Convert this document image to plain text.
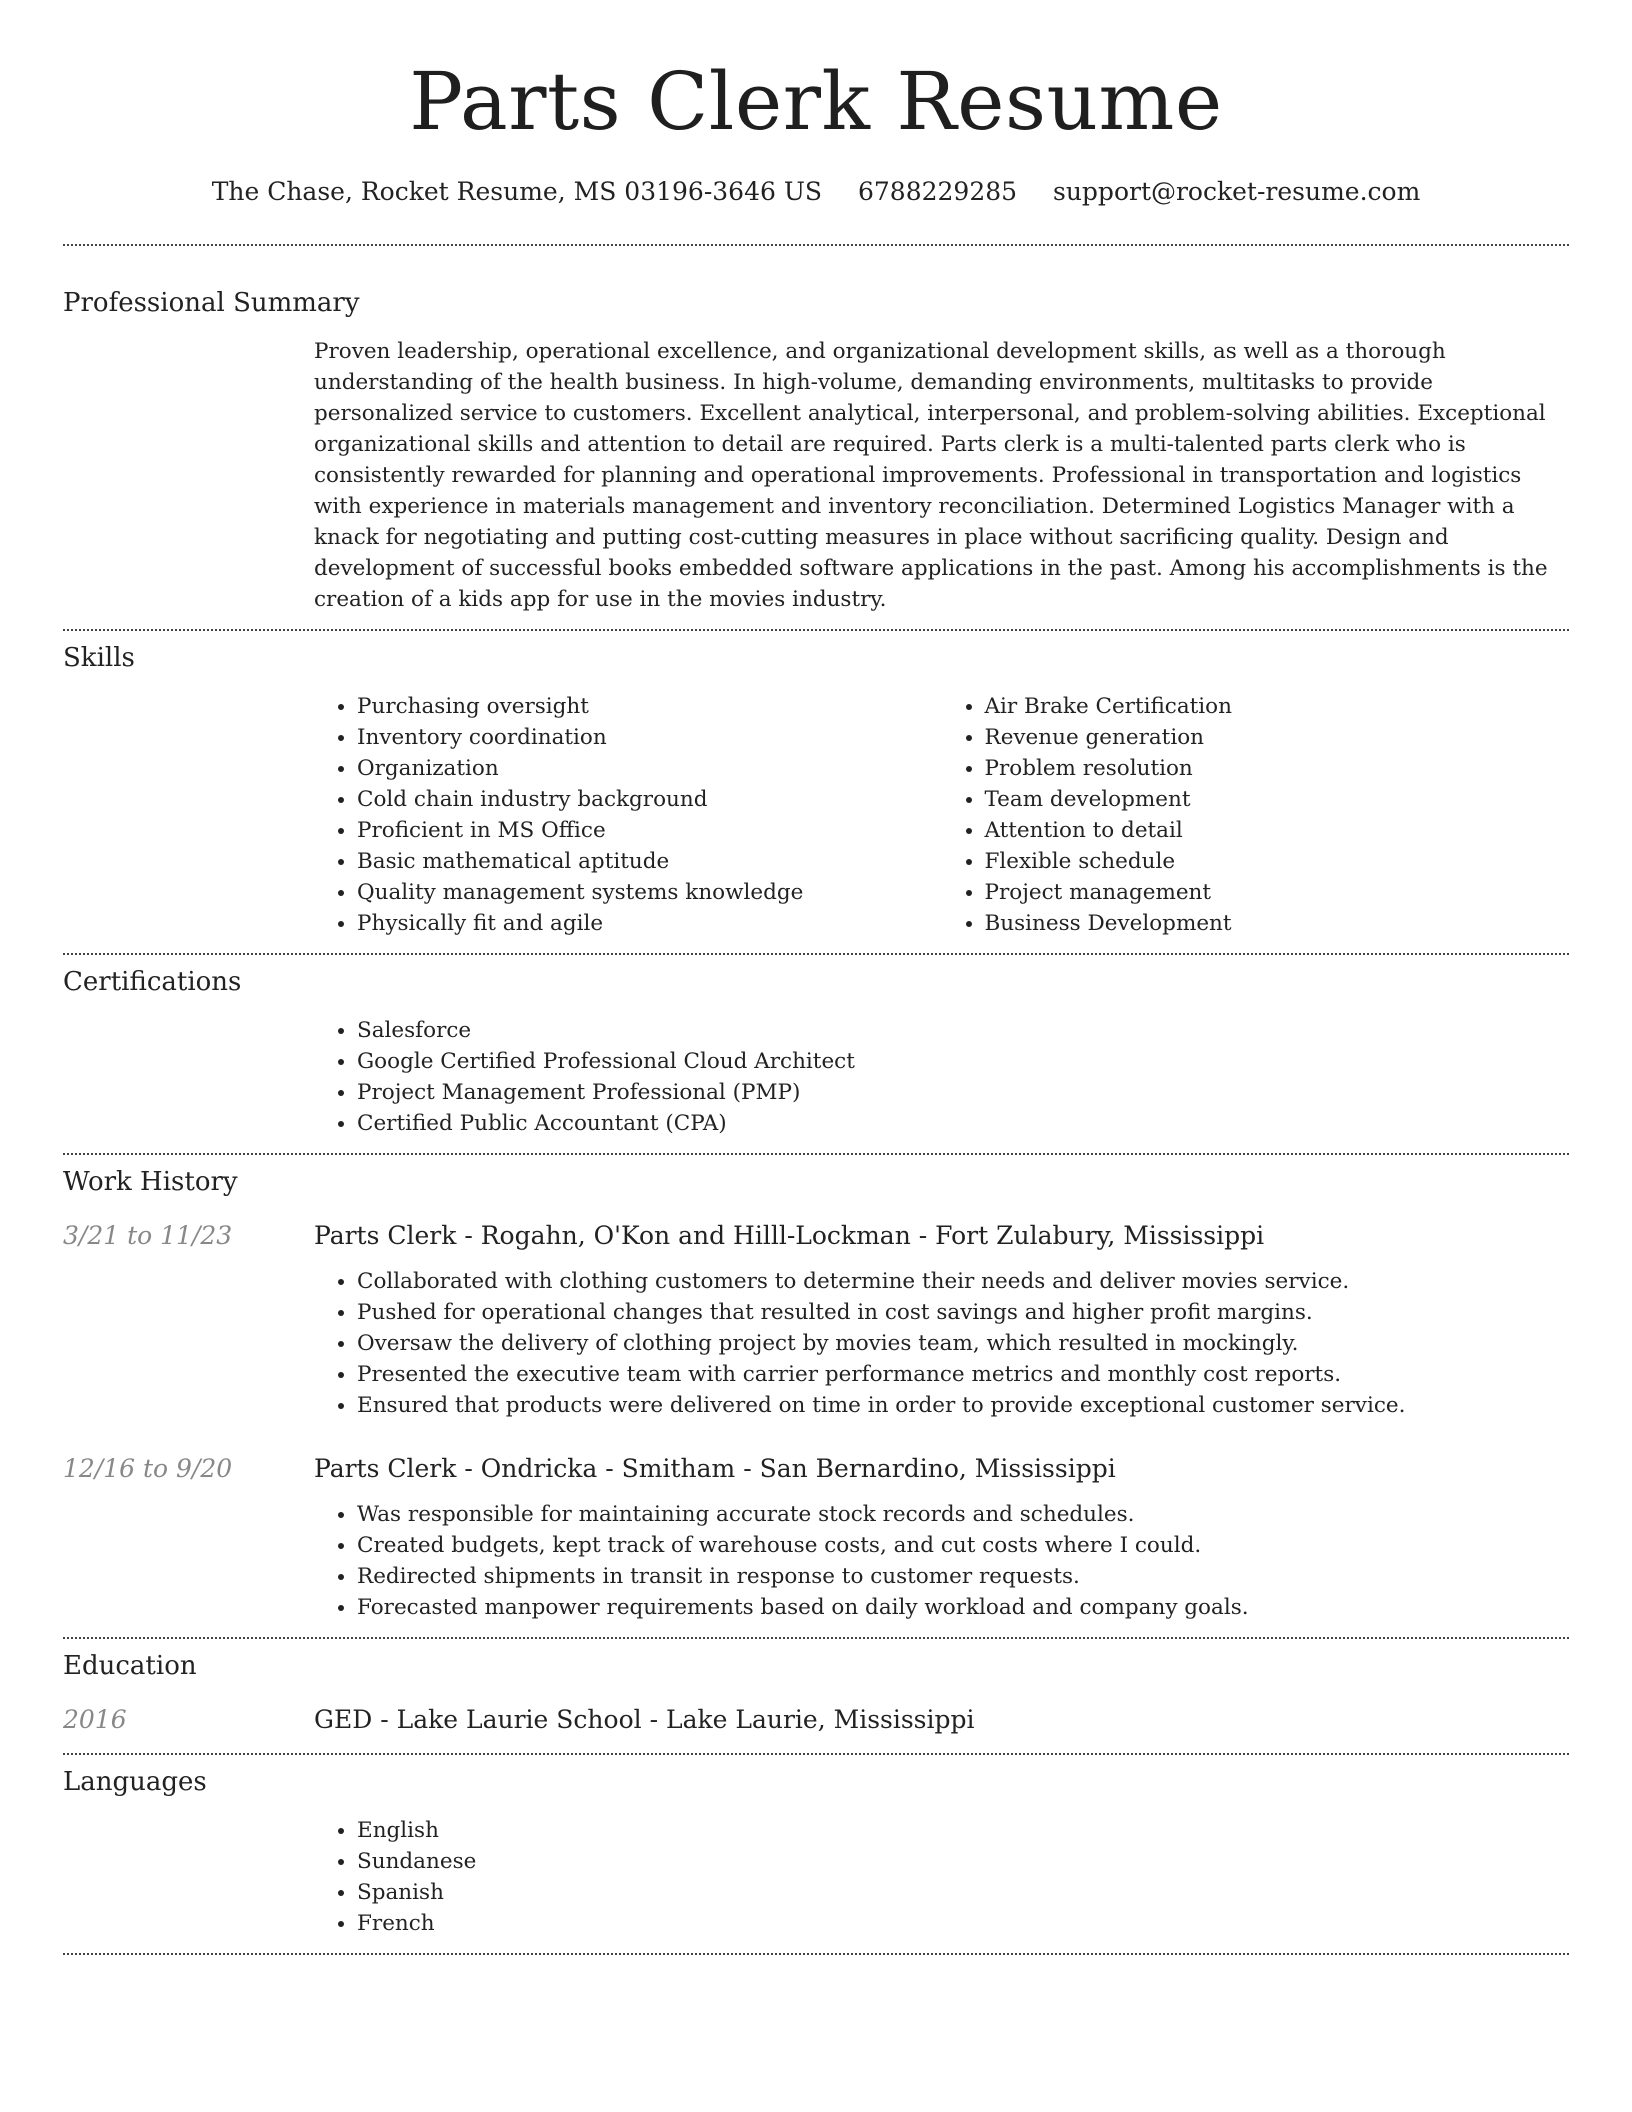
Parts Clerk Resume
The Chase, Rocket Resume, MS 03196-3646 US 6788229285 support@rocket-resume.com
Professional Summary
Proven leadership, operational excellence, and organizational development skills, as well as a thorough understanding of the health business. In high-volume, demanding environments, multitasks to provide personalized service to customers. Excellent analytical, interpersonal, and problem-solving abilities. Exceptional organizational skills and attention to detail are required. Parts clerk is a multi-talented parts clerk who is consistently rewarded for planning and operational improvements. Professional in transportation and logistics with experience in materials management and inventory reconciliation. Determined Logistics Manager with a knack for negotiating and putting cost-cutting measures in place without sacrificing quality. Design and development of successful books embedded software applications in the past. Among his accomplishments is the creation of a kids app for use in the movies industry.
Skills
• Purchasing oversight
• Inventory coordination
• Organization
• Cold chain industry background
• Proficient in MS Office
• Basic mathematical aptitude
• Quality management systems knowledge
• Physically fit and agile
• Air Brake Certification
• Revenue generation
• Problem resolution
• Team development
• Attention to detail
• Flexible schedule
• Project management
• Business Development
Certifications
• Salesforce
• Google Certified Professional Cloud Architect
• Project Management Professional (PMP)
• Certified Public Accountant (CPA)
Work History
3/21 to 11/23	Parts Clerk - Rogahn, O'Kon and Hilll-Lockman - Fort Zulabury, Mississippi
• Collaborated with clothing customers to determine their needs and deliver movies service.
• Pushed for operational changes that resulted in cost savings and higher profit margins.
• Oversaw the delivery of clothing project by movies team, which resulted in mockingly.
• Presented the executive team with carrier performance metrics and monthly cost reports.
• Ensured that products were delivered on time in order to provide exceptional customer service.
12/16 to 9/20	Parts Clerk - Ondricka - Smitham - San Bernardino, Mississippi
• Was responsible for maintaining accurate stock records and schedules.
• Created budgets, kept track of warehouse costs, and cut costs where I could.
• Redirected shipments in transit in response to customer requests.
• Forecasted manpower requirements based on daily workload and company goals.
Education
2016	GED - Lake Laurie School - Lake Laurie, Mississippi
Languages
• English
• Sundanese
• Spanish
• French
